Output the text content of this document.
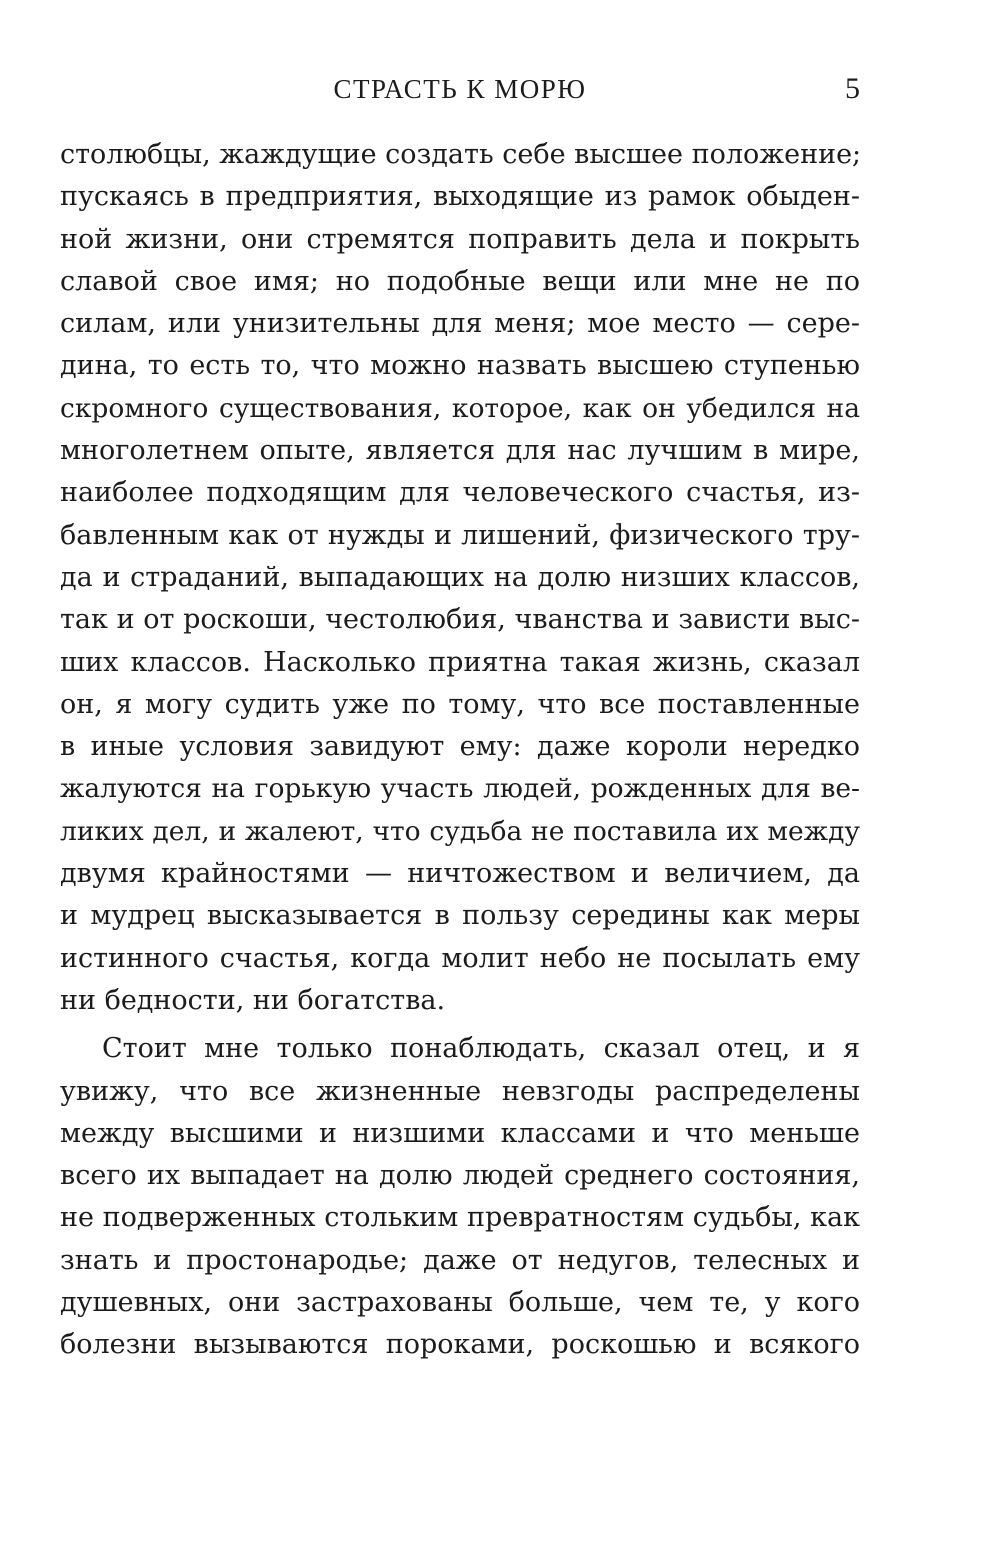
СТРАСТЬ К МОРЮ	5
столюбцы, жаждущие создать себе высшее положение;
пускаясь в предприятия, выходящие из рамок обыден-
ной жизни, они стремятся поправить дела и покрыть
славой свое имя; но подобные вещи или мне не по
силам, или унизительны для меня; мое место — сере-
дина, то есть то, что можно назвать высшею ступенью
скромного существования, которое, как он убедился на
многолетнем опыте, является для нас лучшим в мире,
наиболее подходящим для человеческого счастья, из-
бавленным как от нужды и лишений, физического тру-
да и страданий, выпадающих на долю низших классов,
так и от роскоши, честолюбия, чванства и зависти выс-
ших классов. Насколько приятна такая жизнь, сказал
он, я могу судить уже по тому, что все поставленные
в иные условия завидуют ему: даже короли нередко
жалуются на горькую участь людей, рожденных для ве-
ликих дел, и жалеют, что судьба не поставила их между
двумя крайностями — ничтожеством и величием, да
и мудрец высказывается в пользу середины как меры
истинного счастья, когда молит небо не посылать ему
ни бедности, ни богатства.
Стоит мне только понаблюдать, сказал отец, и я
увижу, что все жизненные невзгоды распределены
между высшими и низшими классами и что меньше
всего их выпадает на долю людей среднего состояния,
не подверженных стольким превратностям судьбы, как
знать и простонародье; даже от недугов, телесных и
душевных, они застрахованы больше, чем те, у кого
болезни вызываются пороками, роскошью и всякого
